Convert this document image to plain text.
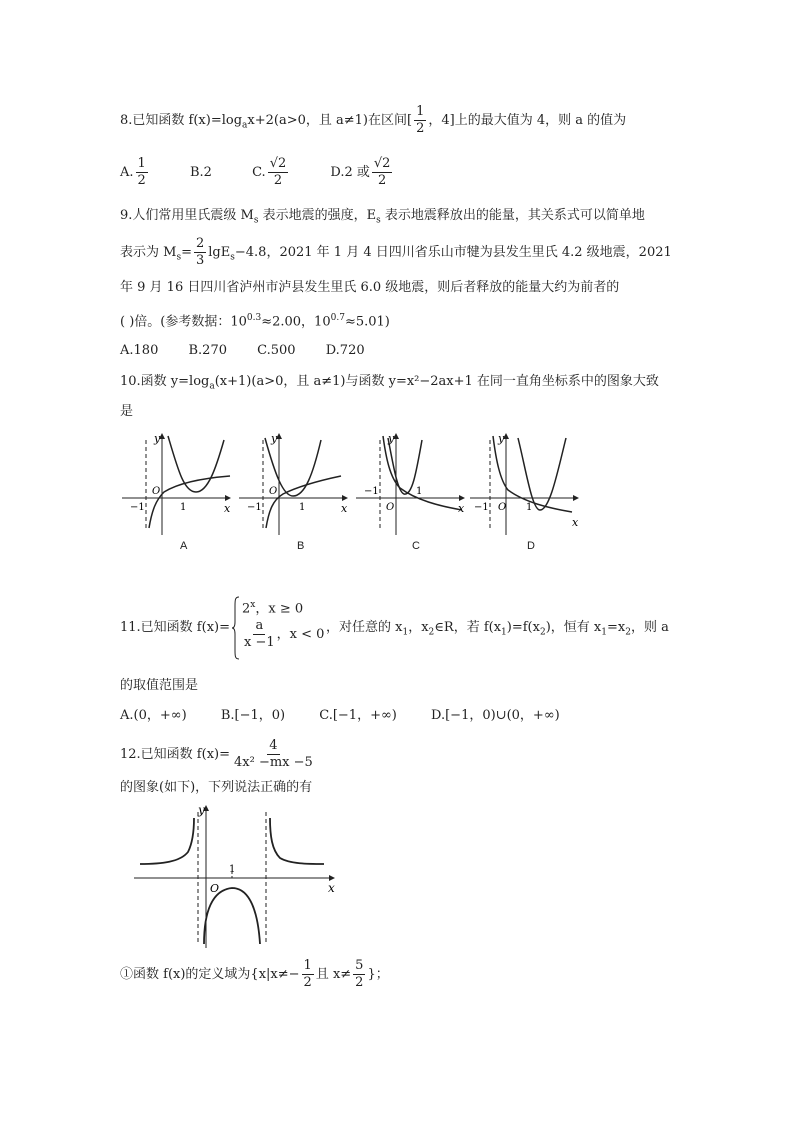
8.已知函数 $f(x)=\log_ax+2(a>0$，且 a≠1)在区间[ $\frac{1}{2}$ ，4]上的最大值为 4，则 a 的值为
A. $\frac{1}{2}$	B.2	C. $\frac{√2}{2}$	D.2 或 $\frac{√2}{2}$
9.人们常用里氏震级 $M_s$ 表示地震的强度，$E_s$ 表示地震释放出的能量，其关系式可以简单地
表示为 $M_s= \frac{2}{3} \lg E_s-4.8$，2021 年 1 月 4 日四川省乐山市犍为县发生里氏 4.2 级地震，2021
年 9 月 16 日四川省泸州市泸县发生里氏 6.0 级地震，则后者释放的能量大约为前者的
( )倍。(参考数据：$10^{0.3}\approx 2.00$，$10^{0.7}\approx 5.01$)
A.180 B.270 C.500 D.720
10.函数 $y=\log_a(x+1)(a>0$，且 a≠1)与函数 y=x²−2ax+1 在同一直角坐标系中的图象大致
是
y
x
O
1
−1
A
y
x
O
1
−1
B
y
x
O
1
−1
C
y
x
O 1
−1
D
11.已知函数 f(x)=
$2^x$，x ≥ 0
$\frac{a}{x -1}$ ，x < 0 ，对任意的 $x_1$，$x_2\in R$，若 $f(x_1)=f(x_2)$，恒有 $x_1=x_2$，则 a
的取值范围是
A.(0，+∞)	B.[−1，0)	C.[−1，+∞)	D.[−1，0)∪(0，+∞)
12.已知函数 $f(x)= \frac{4}{\text{4x² −mx −5}}$
的图象(如下)，下列说法正确的有
y
x
O
1
①函数 f(x)的定义域为{$x|x\ne- \frac{1}{2}$ 且 $x\ne \frac{5}{2}$ }；
